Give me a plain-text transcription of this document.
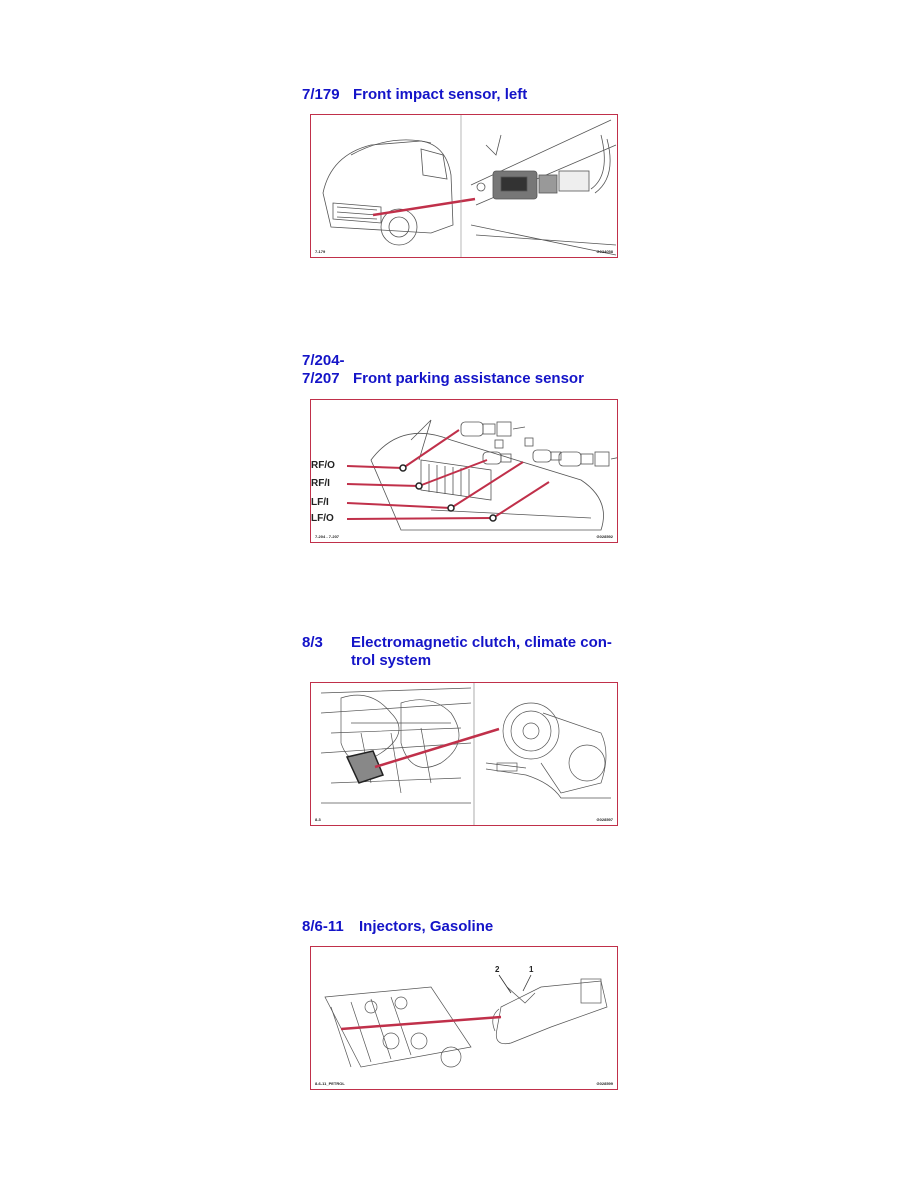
7/179 Front impact sensor, left
7-179	G034058
7/204-
7/207 Front parking assistance sensor
RF/O
RF/I
LF/I
LF/O
7-204 - 7-207	G028592
8/3 Electromagnetic clutch, climate con-
trol system
8-3	G028597
8/6-11 Injectors, Gasoline
2	1
8-6-11_PETROL	G028599
